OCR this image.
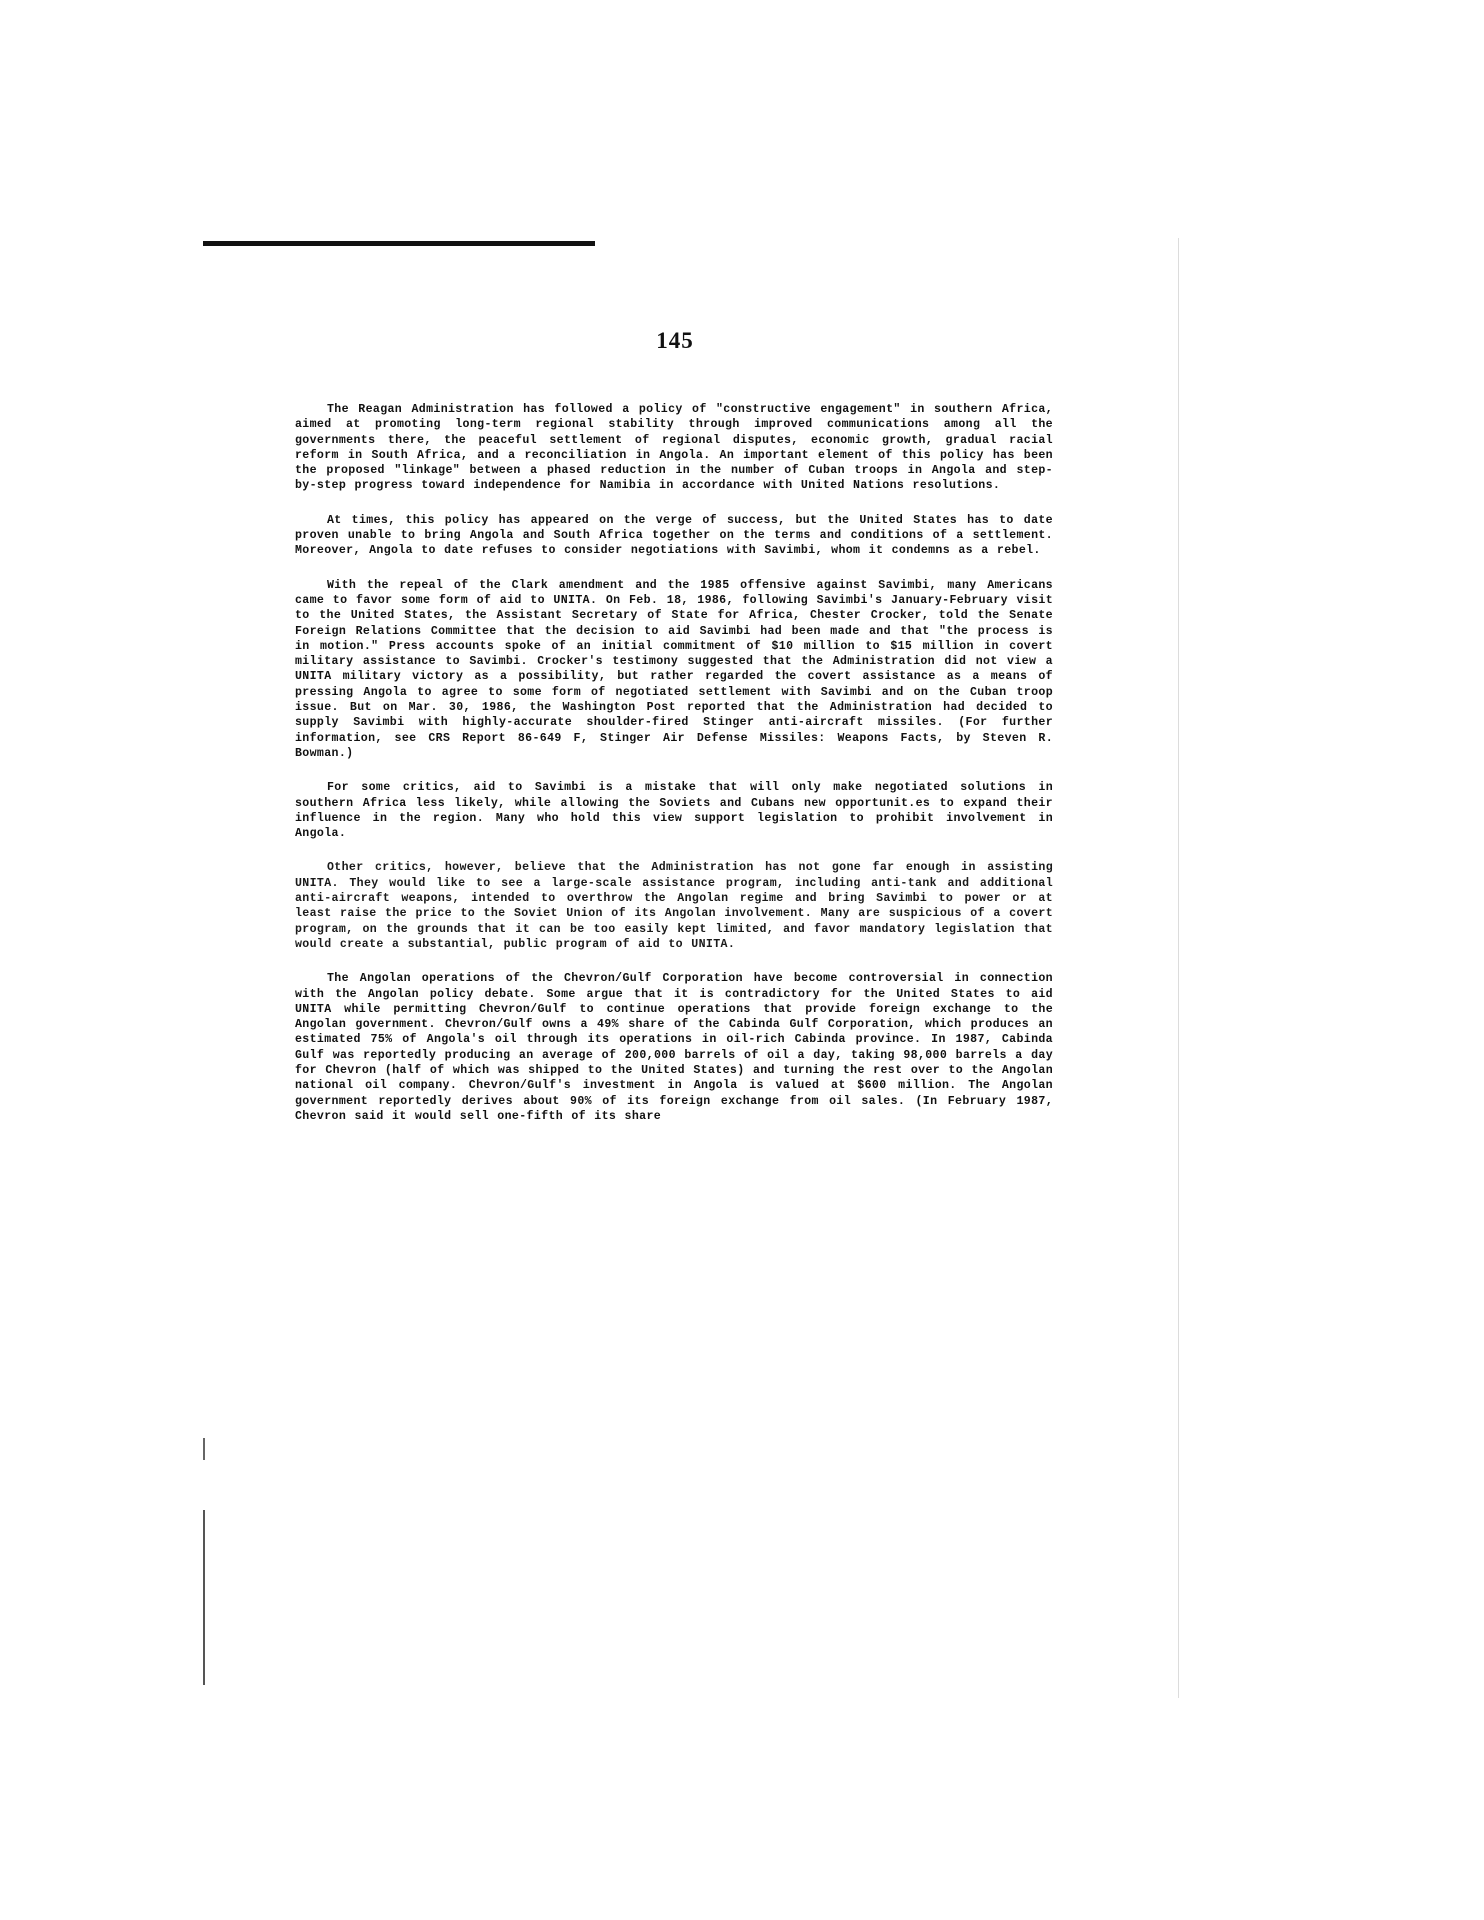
145

The Reagan Administration has followed a policy of "constructive engagement" in southern Africa, aimed at promoting long-term regional stability through improved communications among all the governments there, the peaceful settlement of regional disputes, economic growth, gradual racial reform in South Africa, and a reconciliation in Angola. An important element of this policy has been the proposed "linkage" between a phased reduction in the number of Cuban troops in Angola and step-by-step progress toward independence for Namibia in accordance with United Nations resolutions.

At times, this policy has appeared on the verge of success, but the United States has to date proven unable to bring Angola and South Africa together on the terms and conditions of a settlement. Moreover, Angola to date refuses to consider negotiations with Savimbi, whom it condemns as a rebel.

With the repeal of the Clark amendment and the 1985 offensive against Savimbi, many Americans came to favor some form of aid to UNITA. On Feb. 18, 1986, following Savimbi's January-February visit to the United States, the Assistant Secretary of State for Africa, Chester Crocker, told the Senate Foreign Relations Committee that the decision to aid Savimbi had been made and that "the process is in motion." Press accounts spoke of an initial commitment of $10 million to $15 million in covert military assistance to Savimbi. Crocker's testimony suggested that the Administration did not view a UNITA military victory as a possibility, but rather regarded the covert assistance as a means of pressing Angola to agree to some form of negotiated settlement with Savimbi and on the Cuban troop issue. But on Mar. 30, 1986, the Washington Post reported that the Administration had decided to supply Savimbi with highly-accurate shoulder-fired Stinger anti-aircraft missiles. (For further information, see CRS Report 86-649 F, Stinger Air Defense Missiles: Weapons Facts, by Steven R. Bowman.)

For some critics, aid to Savimbi is a mistake that will only make negotiated solutions in southern Africa less likely, while allowing the Soviets and Cubans new opportunit.es to expand their influence in the region. Many who hold this view support legislation to prohibit involvement in Angola.

Other critics, however, believe that the Administration has not gone far enough in assisting UNITA. They would like to see a large-scale assistance program, including anti-tank and additional anti-aircraft weapons, intended to overthrow the Angolan regime and bring Savimbi to power or at least raise the price to the Soviet Union of its Angolan involvement. Many are suspicious of a covert program, on the grounds that it can be too easily kept limited, and favor mandatory legislation that would create a substantial, public program of aid to UNITA.

The Angolan operations of the Chevron/Gulf Corporation have become controversial in connection with the Angolan policy debate. Some argue that it is contradictory for the United States to aid UNITA while permitting Chevron/Gulf to continue operations that provide foreign exchange to the Angolan government. Chevron/Gulf owns a 49% share of the Cabinda Gulf Corporation, which produces an estimated 75% of Angola's oil through its operations in oil-rich Cabinda province. In 1987, Cabinda Gulf was reportedly producing an average of 200,000 barrels of oil a day, taking 98,000 barrels a day for Chevron (half of which was shipped to the United States) and turning the rest over to the Angolan national oil company. Chevron/Gulf's investment in Angola is valued at $600 million. The Angolan government reportedly derives about 90% of its foreign exchange from oil sales. (In February 1987, Chevron said it would sell one-fifth of its share
